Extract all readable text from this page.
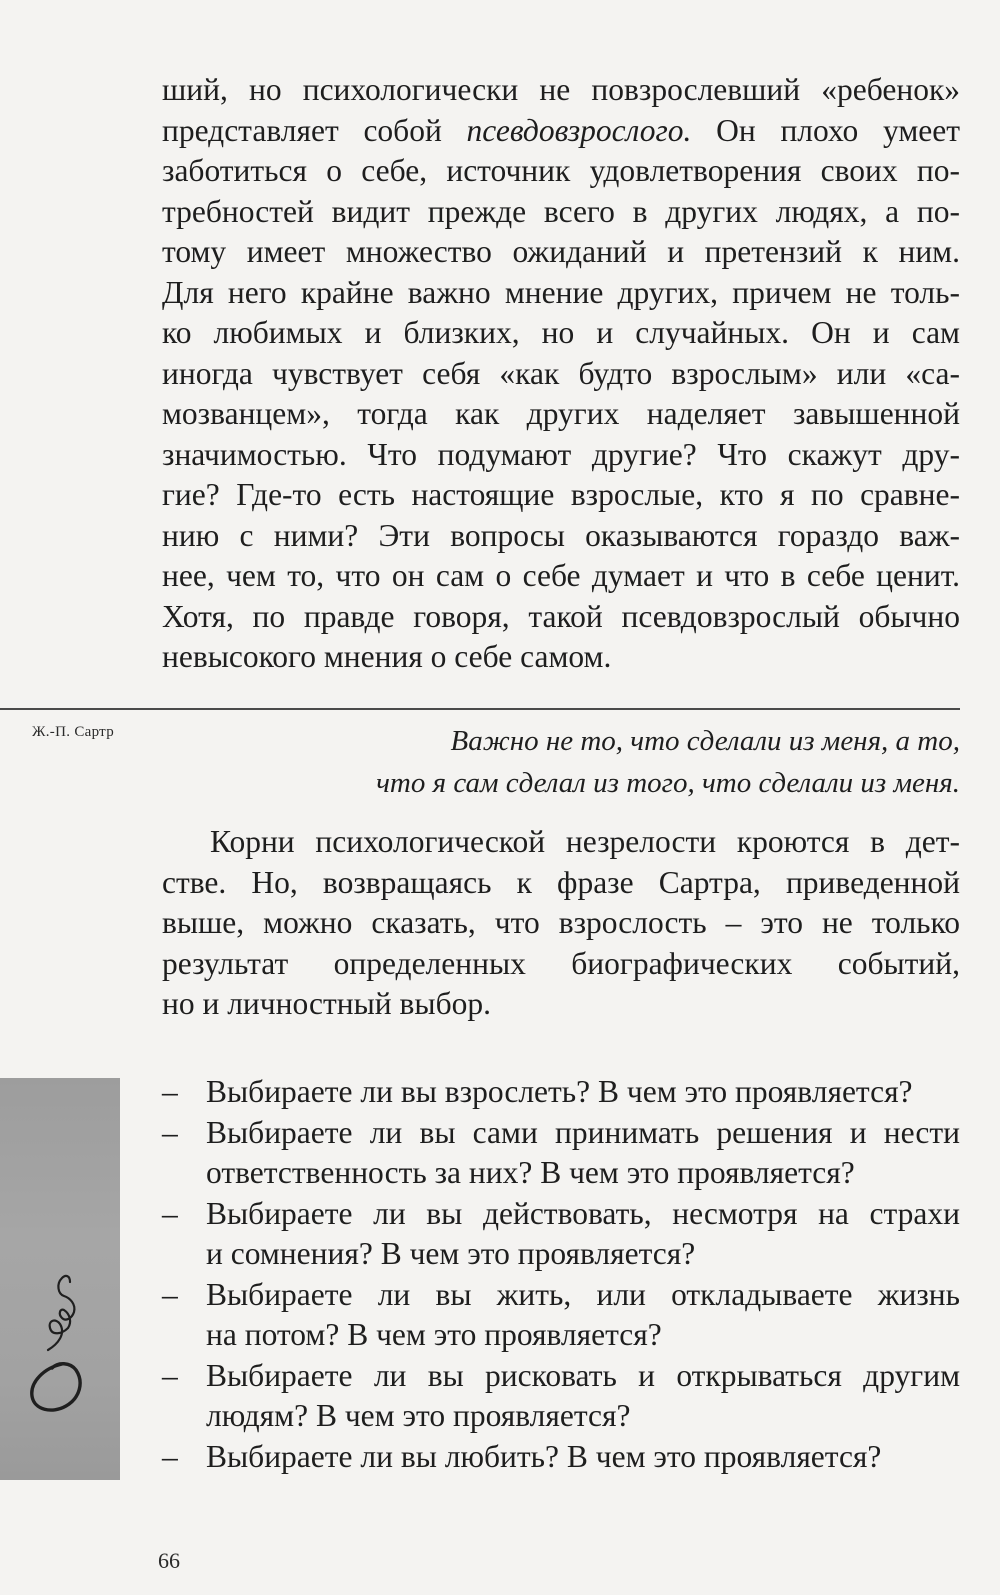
ший, но психологически не повзрослевший «ребенок»
представляет собой псевдовзрослого. Он плохо умеет
заботиться о себе, источник удовлетворения своих по-
требностей видит прежде всего в других людях, а по-
тому имеет множество ожиданий и претензий к ним.
Для него крайне важно мнение других, причем не толь-
ко любимых и близких, но и случайных. Он и сам
иногда чувствует себя «как будто взрослым» или «са-
мозванцем», тогда как других наделяет завышенной
значимостью. Что подумают другие? Что скажут дру-
гие? Где-то есть настоящие взрослые, кто я по сравне-
нию с ними? Эти вопросы оказываются гораздо важ-
нее, чем то, что он сам о себе думает и что в себе ценит.
Хотя, по правде говоря, такой псевдовзрослый обычно
невысокого мнения о себе самом.
Ж.-П. Сартр	Важно не то, что сделали из меня, а то,
что я сам сделал из того, что сделали из меня.
Корни психологической незрелости кроются в дет-
стве. Но, возвращаясь к фразе Сартра, приведенной
выше, можно сказать, что взрослость – это не только
результат определенных биографических событий,
но и личностный выбор.
– Выбираете ли вы взрослеть? В чем это проявляется?
– Выбираете ли вы сами принимать решения и нести
ответственность за них? В чем это проявляется?
– Выбираете ли вы действовать, несмотря на страхи
и сомнения? В чем это проявляется?
– Выбираете ли вы жить, или откладываете жизнь
на потом? В чем это проявляется?
– Выбираете ли вы рисковать и открываться другим
людям? В чем это проявляется?
– Выбираете ли вы любить? В чем это проявляется?
66
